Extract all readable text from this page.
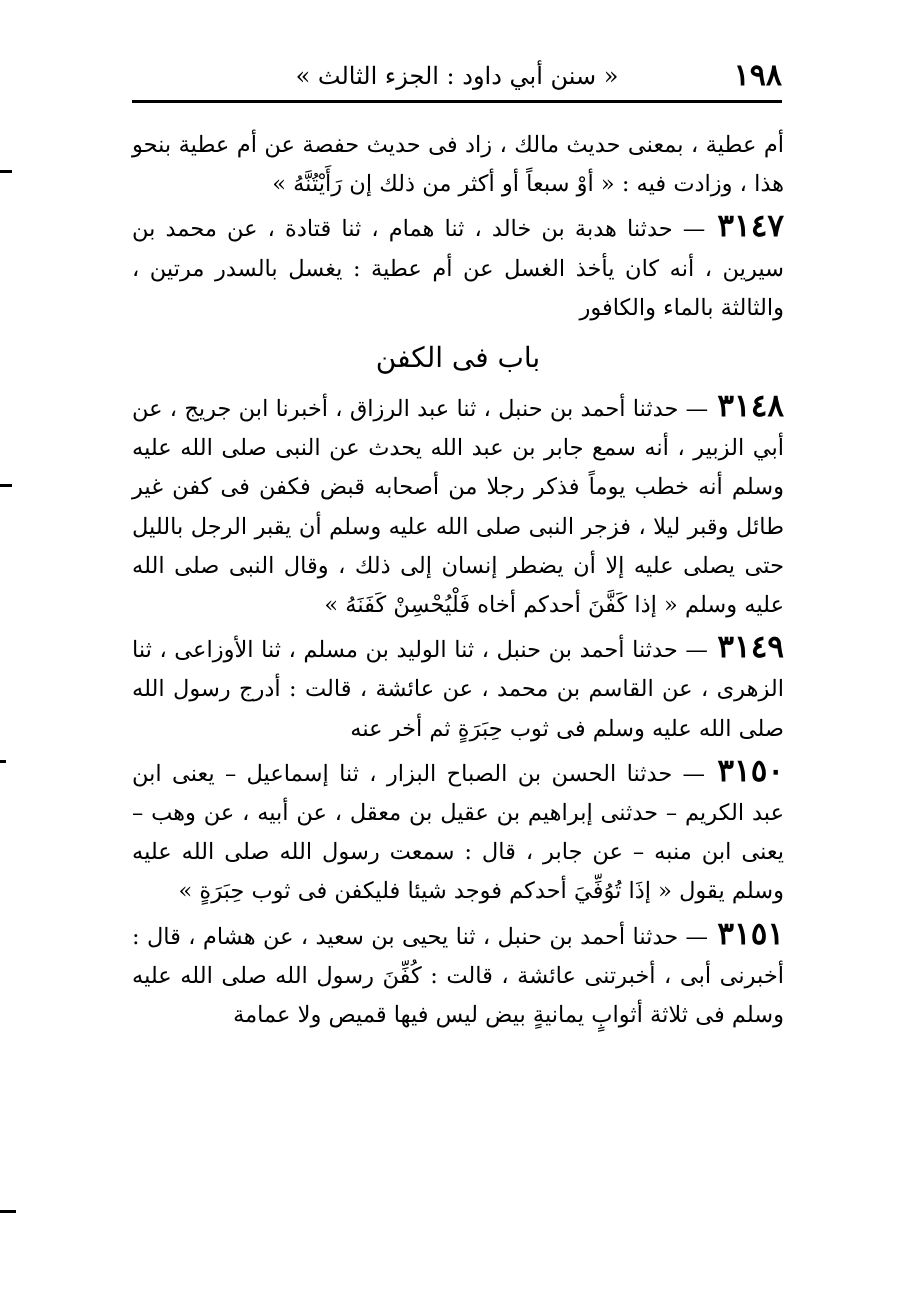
١٩٨
« سنن أبي داود : الجزء الثالث »

أم عطية ، بمعنى حديث مالك ، زاد فى حديث حفصة عن أم عطية بنحو هذا ، وزادت فيه : « أوْ سبعاً أو أكثر من ذلك إن رَأَيْتُنَّهُ »

٣١٤٧ — حدثنا هدبة بن خالد ، ثنا همام ، ثنا قتادة ، عن محمد بن سيرين ، أنه كان يأخذ الغسل عن أم عطية : يغسل بالسدر مرتين ، والثالثة بالماء والكافور

باب فى الكفن

٣١٤٨ — حدثنا أحمد بن حنبل ، ثنا عبد الرزاق ، أخبرنا ابن جريج ، عن أبي الزبير ، أنه سمع جابر بن عبد الله يحدث عن النبى صلى الله عليه وسلم أنه خطب يوماً فذكر رجلا من أصحابه قبض فكفن فى كفن غير طائل وقبر ليلا ، فزجر النبى صلى الله عليه وسلم أن يقبر الرجل بالليل حتى يصلى عليه إلا أن يضطر إنسان إلى ذلك ، وقال النبى صلى الله عليه وسلم « إذا كَفَّنَ أحدكم أخاه فَلْيُحْسِنْ كَفَنَهُ »

٣١٤٩ — حدثنا أحمد بن حنبل ، ثنا الوليد بن مسلم ، ثنا الأوزاعى ، ثنا الزهرى ، عن القاسم بن محمد ، عن عائشة ، قالت : أدرج رسول الله صلى الله عليه وسلم فى ثوب حِبَرَةٍ ثم أخر عنه

٣١٥٠ — حدثنا الحسن بن الصباح البزار ، ثنا إسماعيل – يعنى ابن عبد الكريم – حدثنى إبراهيم بن عقيل بن معقل ، عن أبيه ، عن وهب – يعنى ابن منبه – عن جابر ، قال : سمعت رسول الله صلى الله عليه وسلم يقول « إذَا تُوُفِّيَ أحدكم فوجد شيئا فليكفن فى ثوب حِبَرَةٍ »

٣١٥١ — حدثنا أحمد بن حنبل ، ثنا يحيى بن سعيد ، عن هشام ، قال : أخبرنى أبى ، أخبرتنى عائشة ، قالت : كُفِّنَ رسول الله صلى الله عليه وسلم فى ثلاثة أثوابٍ يمانيةٍ بيض ليس فيها قميص ولا عمامة
